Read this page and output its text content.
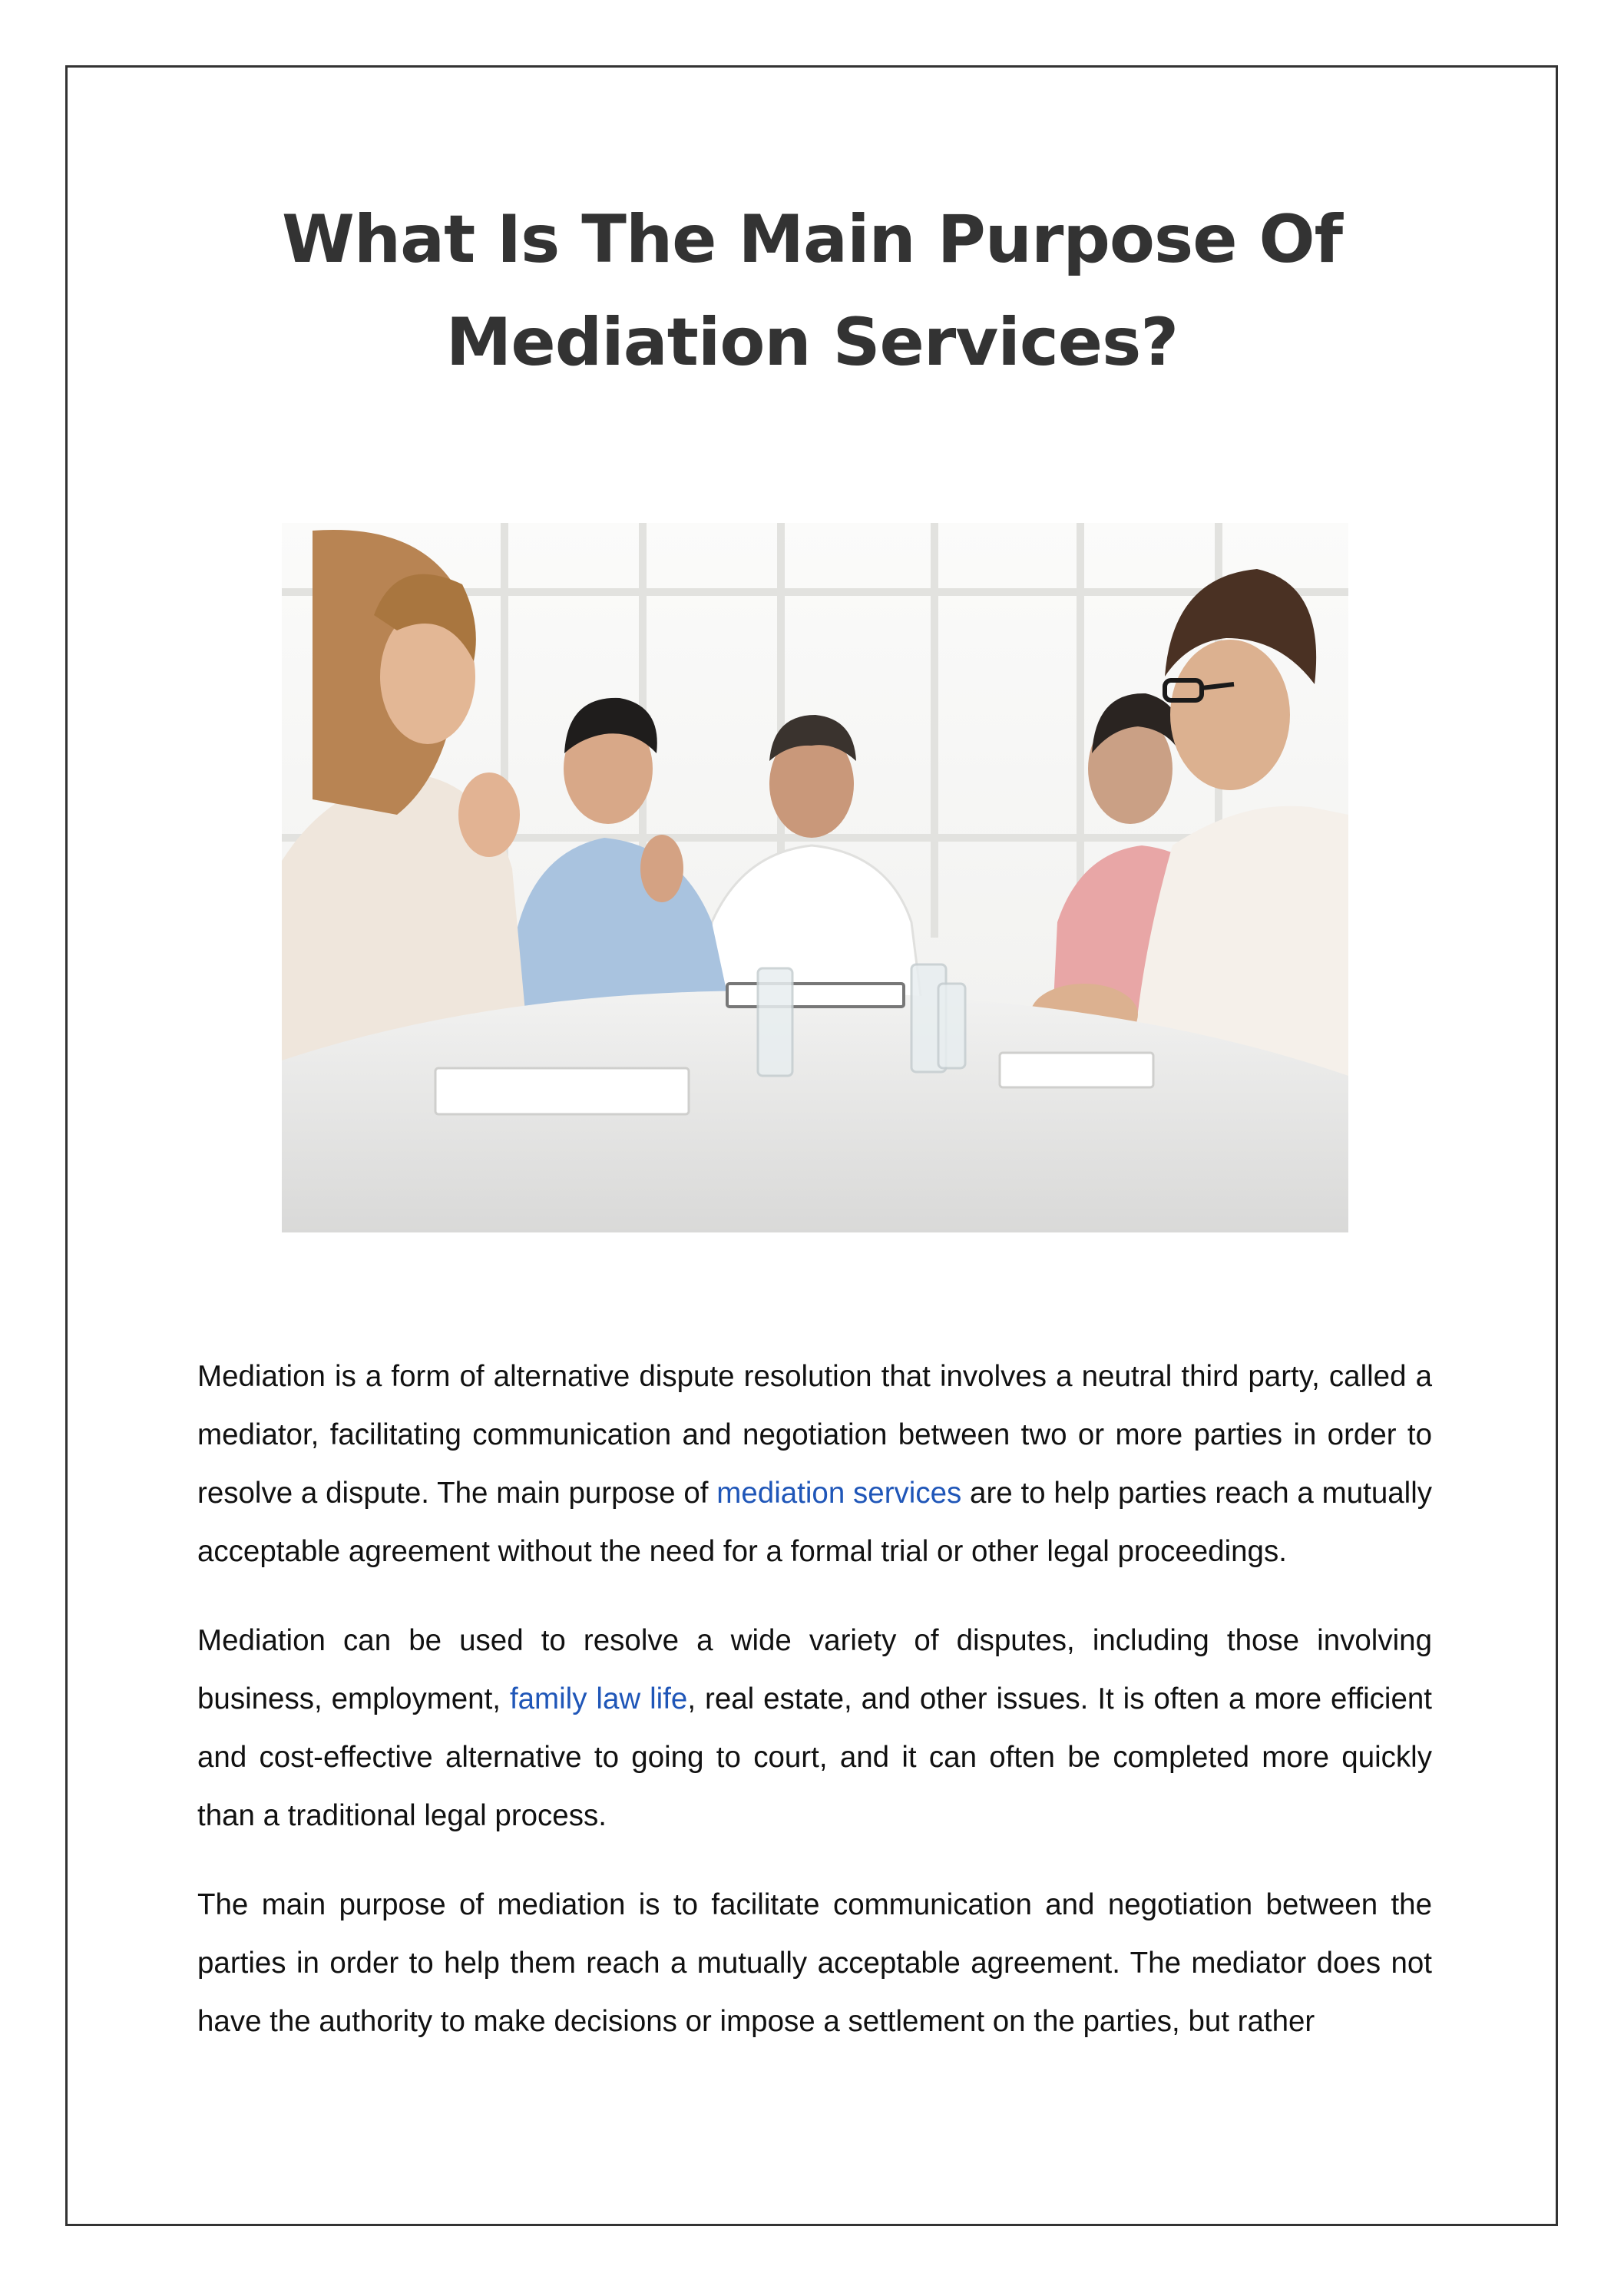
What Is The Main Purpose Of
Mediation Services?

Mediation is a form of alternative dispute resolution that involves a neutral third party, called a mediator, facilitating communication and negotiation between two or more parties in order to resolve a dispute. The main purpose of mediation services are to help parties reach a mutually acceptable agreement without the need for a formal trial or other legal proceedings.

Mediation can be used to resolve a wide variety of disputes, including those involving business, employment, family law life, real estate, and other issues. It is often a more efficient and cost-effective alternative to going to court, and it can often be completed more quickly than a traditional legal process.

The main purpose of mediation is to facilitate communication and negotiation between the parties in order to help them reach a mutually acceptable agreement. The mediator does not have the authority to make decisions or impose a settlement on the parties, but rather
